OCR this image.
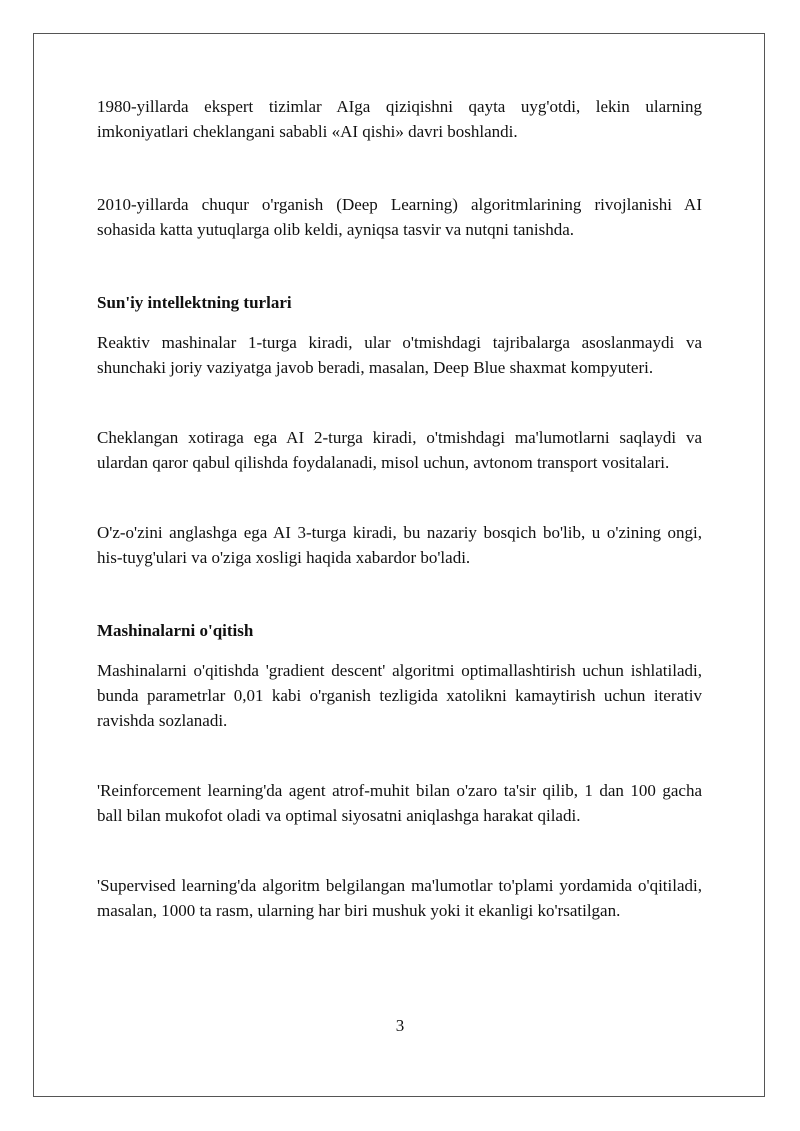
1980-yillarda ekspert tizimlar AIga qiziqishni qayta uyg'otdi, lekin ularning imkoniyatlari cheklangani sababli «AI qishi» davri boshlandi.

2010-yillarda chuqur o'rganish (Deep Learning) algoritmlarining rivojlanishi AI sohasida katta yutuqlarga olib keldi, ayniqsa tasvir va nutqni tanishda.

Sun'iy intellektning turlari

Reaktiv mashinalar 1-turga kiradi, ular o'tmishdagi tajribalarga asoslanmaydi va shunchaki joriy vaziyatga javob beradi, masalan, Deep Blue shaxmat kompyuteri.

Cheklangan xotiraga ega AI 2-turga kiradi, o'tmishdagi ma'lumotlarni saqlaydi va ulardan qaror qabul qilishda foydalanadi, misol uchun, avtonom transport vositalari.

O'z-o'zini anglashga ega AI 3-turga kiradi, bu nazariy bosqich bo'lib, u o'zining ongi, his-tuyg'ulari va o'ziga xosligi haqida xabardor bo'ladi.

Mashinalarni o'qitish

Mashinalarni o'qitishda 'gradient descent' algoritmi optimallashtirish uchun ishlatiladi, bunda parametrlar 0,01 kabi o'rganish tezligida xatolikni kamaytirish uchun iterativ ravishda sozlanadi.

'Reinforcement learning'da agent atrof-muhit bilan o'zaro ta'sir qilib, 1 dan 100 gacha ball bilan mukofot oladi va optimal siyosatni aniqlashga harakat qiladi.

'Supervised learning'da algoritm belgilangan ma'lumotlar to'plami yordamida o'qitiladi, masalan, 1000 ta rasm, ularning har biri mushuk yoki it ekanligi ko'rsatilgan.

3
